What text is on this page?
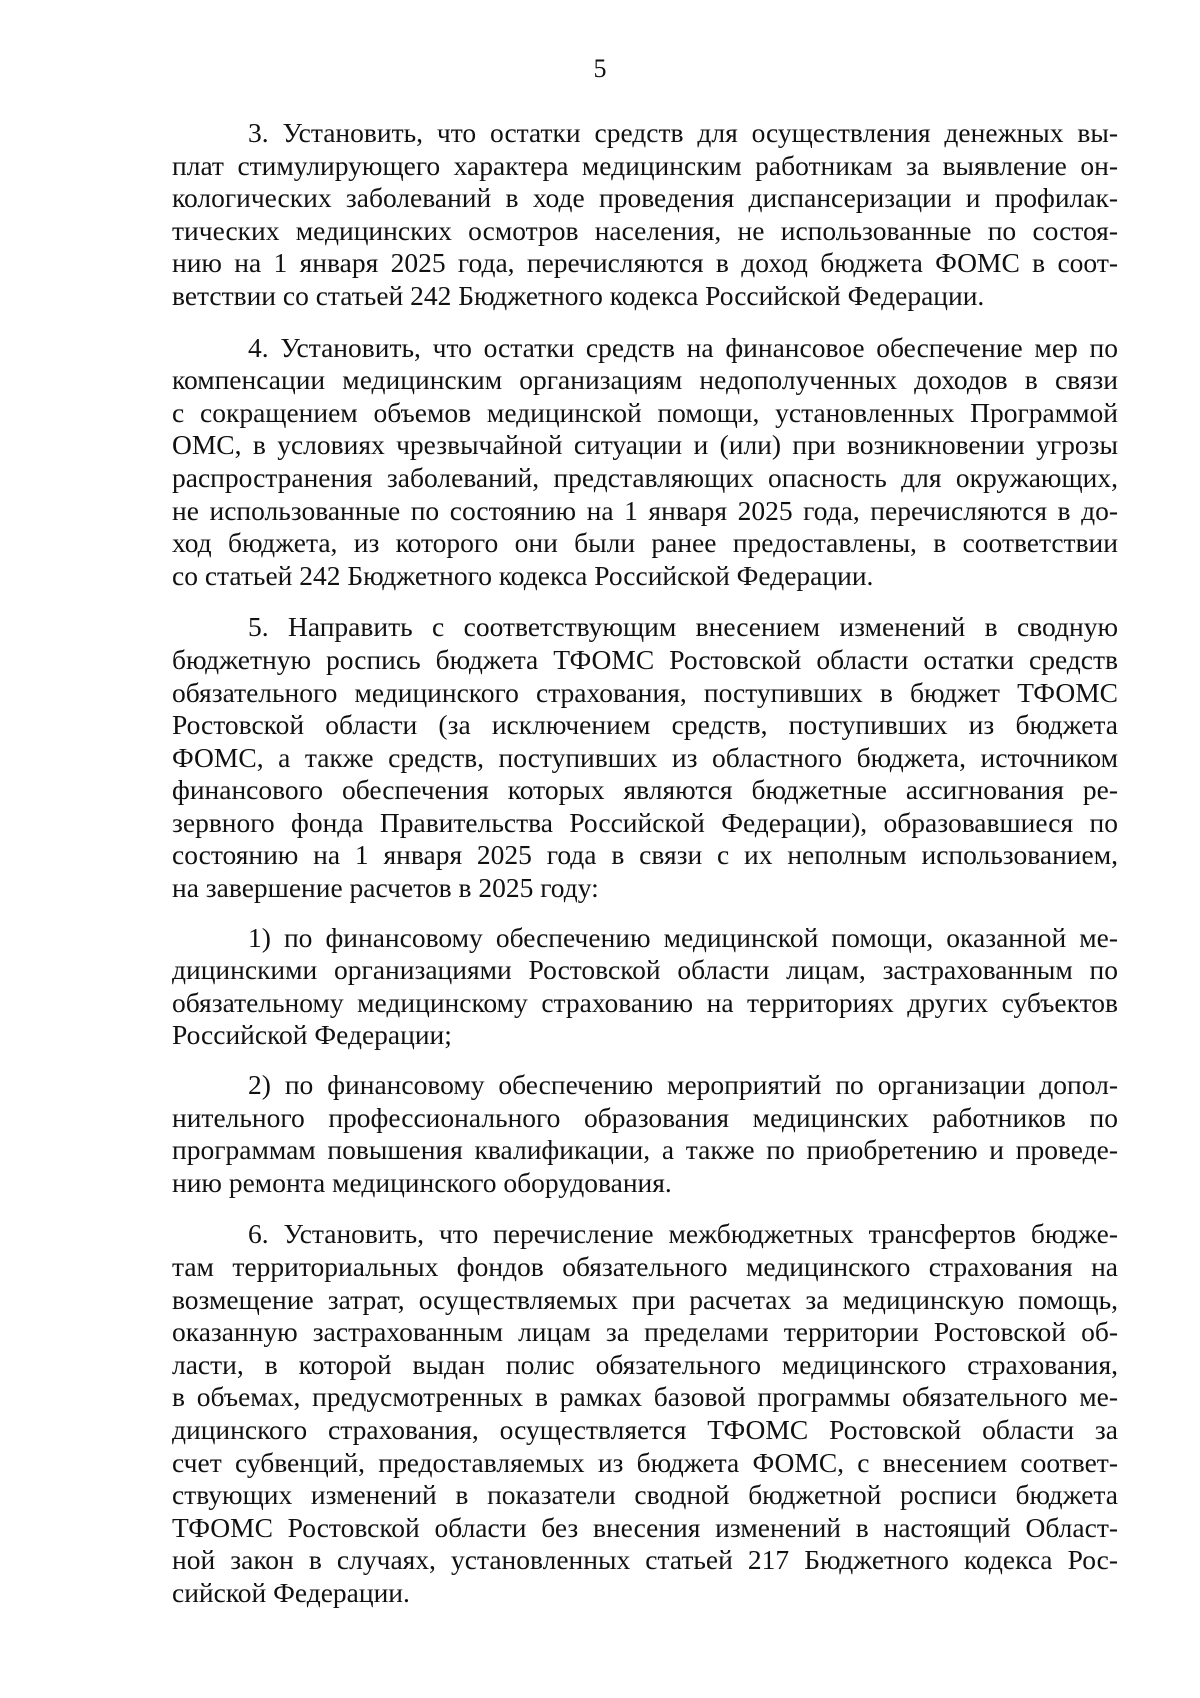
5

3. Установить, что остатки средств для осуществления денежных вы-
плат стимулирующего характера медицинским работникам за выявление он-
кологических заболеваний в ходе проведения диспансеризации и профилак-
тических медицинских осмотров населения, не использованные по состоя-
нию на 1 января 2025 года, перечисляются в доход бюджета ФОМС в соот-
ветствии со статьей 242 Бюджетного кодекса Российской Федерации.

4. Установить, что остатки средств на финансовое обеспечение мер по
компенсации медицинским организациям недополученных доходов в связи
с сокращением объемов медицинской помощи, установленных Программой
ОМС, в условиях чрезвычайной ситуации и (или) при возникновении угрозы
распространения заболеваний, представляющих опасность для окружающих,
не использованные по состоянию на 1 января 2025 года, перечисляются в до-
ход бюджета, из которого они были ранее предоставлены, в соответствии
со статьей 242 Бюджетного кодекса Российской Федерации.

5. Направить с соответствующим внесением изменений в сводную
бюджетную роспись бюджета ТФОМС Ростовской области остатки средств
обязательного медицинского страхования, поступивших в бюджет ТФОМС
Ростовской области (за исключением средств, поступивших из бюджета
ФОМС, а также средств, поступивших из областного бюджета, источником
финансового обеспечения которых являются бюджетные ассигнования ре-
зервного фонда Правительства Российской Федерации), образовавшиеся по
состоянию на 1 января 2025 года в связи с их неполным использованием,
на завершение расчетов в 2025 году:

1) по финансовому обеспечению медицинской помощи, оказанной ме-
дицинскими организациями Ростовской области лицам, застрахованным по
обязательному медицинскому страхованию на территориях других субъектов
Российской Федерации;

2) по финансовому обеспечению мероприятий по организации допол-
нительного профессионального образования медицинских работников по
программам повышения квалификации, а также по приобретению и проведе-
нию ремонта медицинского оборудования.

6. Установить, что перечисление межбюджетных трансфертов бюдже-
там территориальных фондов обязательного медицинского страхования на
возмещение затрат, осуществляемых при расчетах за медицинскую помощь,
оказанную застрахованным лицам за пределами территории Ростовской об-
ласти, в которой выдан полис обязательного медицинского страхования,
в объемах, предусмотренных в рамках базовой программы обязательного ме-
дицинского страхования, осуществляется ТФОМС Ростовской области за
счет субвенций, предоставляемых из бюджета ФОМС, с внесением соответ-
ствующих изменений в показатели сводной бюджетной росписи бюджета
ТФОМС Ростовской области без внесения изменений в настоящий Област-
ной закон в случаях, установленных статьей 217 Бюджетного кодекса Рос-
сийской Федерации.
